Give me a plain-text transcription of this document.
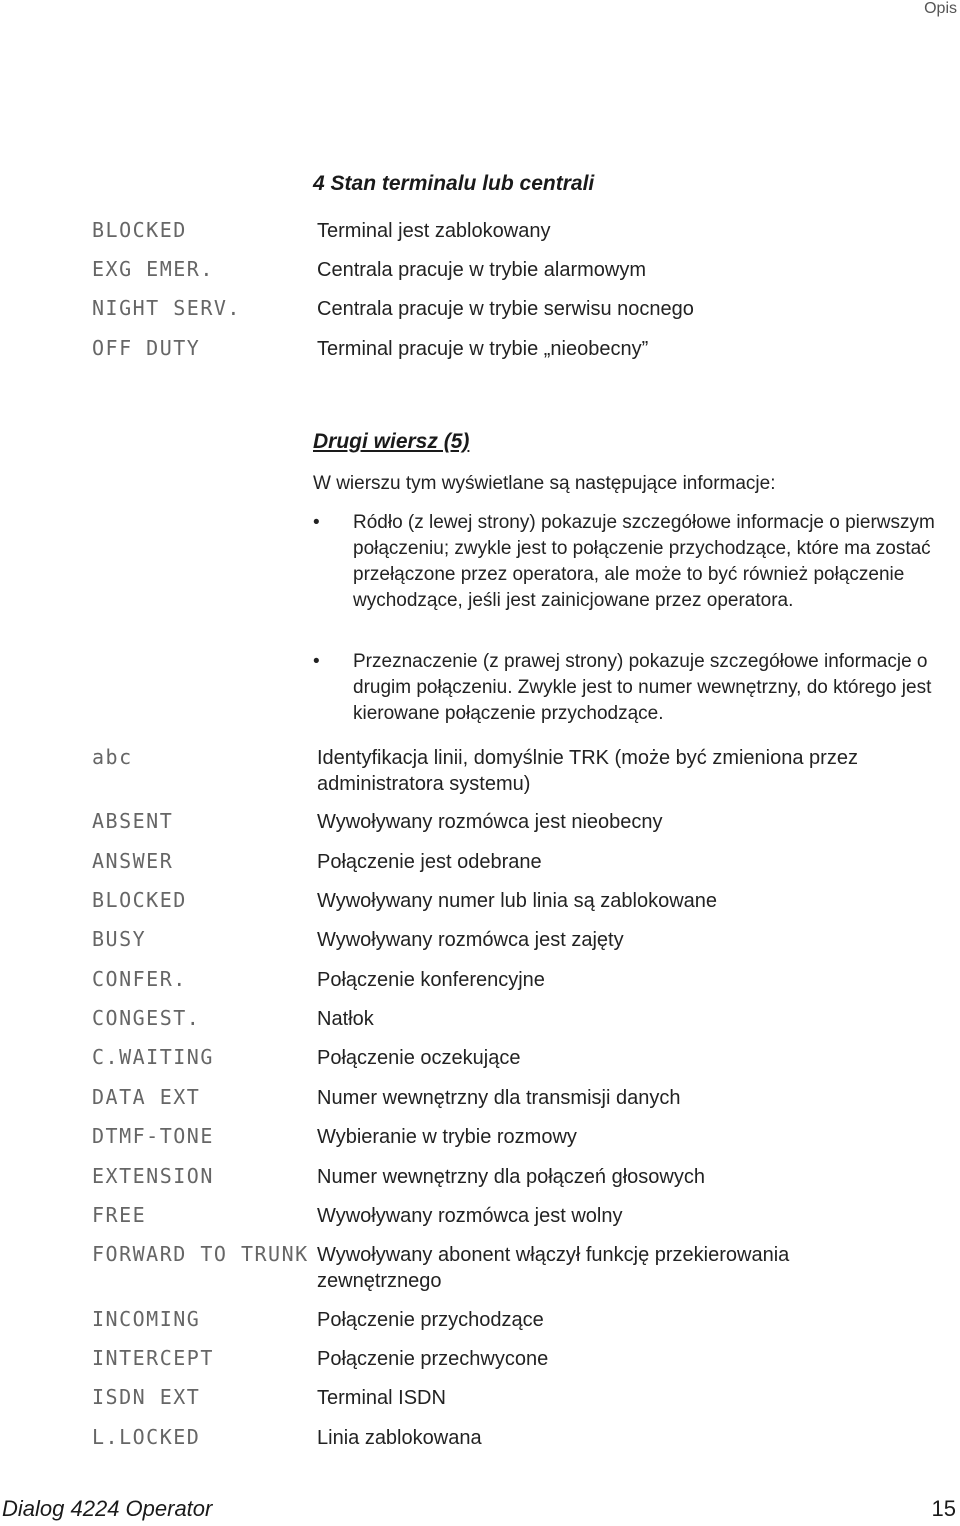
Opis
4 Stan terminalu lub centrali
BLOCKED	Terminal jest zablokowany
EXG EMER.	Centrala pracuje w trybie alarmowym
NIGHT SERV.	Centrala pracuje w trybie serwisu nocnego
OFF DUTY	Terminal pracuje w trybie „nieobecny”
Drugi wiersz (5)
W wierszu tym wyświetlane są następujące informacje:
• Ródło (z lewej strony) pokazuje szczegółowe informacje o pierwszym połączeniu; zwykle jest to połączenie przychodzące, które ma zostać przełączone przez operatora, ale może to być również połączenie wychodzące, jeśli jest zainicjowane przez operatora.
• Przeznaczenie (z prawej strony) pokazuje szczegółowe informacje o drugim połączeniu. Zwykle jest to numer wewnętrzny, do którego jest kierowane połączenie przychodzące.
abc	Identyfikacja linii, domyślnie TRK (może być zmieniona przez administratora systemu)
ABSENT	Wywoływany rozmówca jest nieobecny
ANSWER	Połączenie jest odebrane
BLOCKED	Wywoływany numer lub linia są zablokowane
BUSY	Wywoływany rozmówca jest zajęty
CONFER.	Połączenie konferencyjne
CONGEST.	Natłok
C.WAITING	Połączenie oczekujące
DATA EXT	Numer wewnętrzny dla transmisji danych
DTMF-TONE	Wybieranie w trybie rozmowy
EXTENSION	Numer wewnętrzny dla połączeń głosowych
FREE	Wywoływany rozmówca jest wolny
FORWARD TO TRUNK Wywoływany abonent włączył funkcję przekierowania zewnętrznego
INCOMING	Połączenie przychodzące
INTERCEPT	Połączenie przechwycone
ISDN EXT	Terminal ISDN
L.LOCKED	Linia zablokowana
Dialog 4224 Operator	15
